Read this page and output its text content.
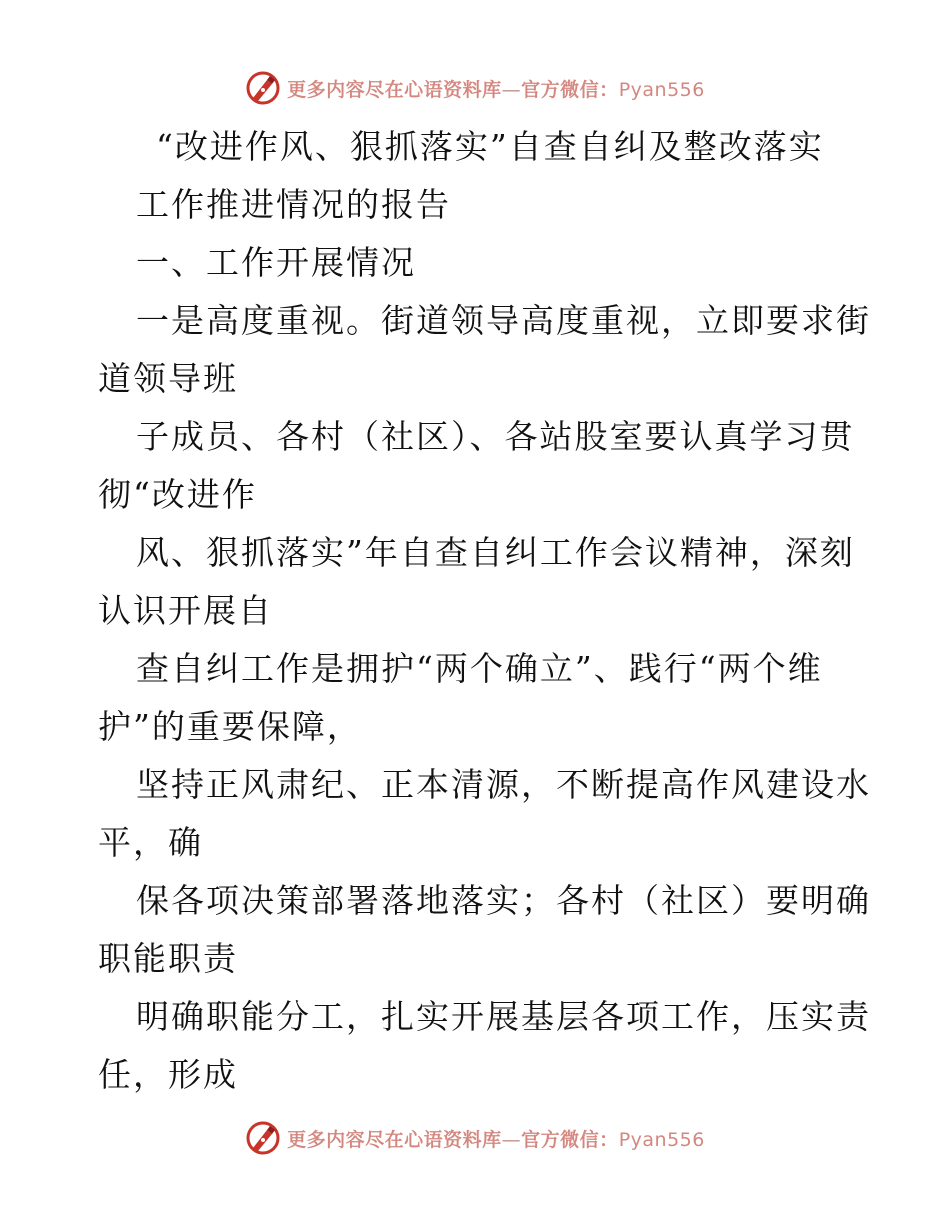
更多内容尽在心语资料库—官方微信：Pyan556
“改进作风、狠抓落实”自查自纠及整改落实
工作推进情况的报告
一、工作开展情况
一是高度重视。街道领导高度重视，立即要求街
道领导班
子成员、各村（社区）、各站股室要认真学习贯
彻“改进作
风、狠抓落实”年自查自纠工作会议精神，深刻
认识开展自
查自纠工作是拥护“两个确立”、践行“两个维
护”的重要保障，
坚持正风肃纪、正本清源，不断提高作风建设水
平，确
保各项决策部署落地落实；各村（社区）要明确
职能职责
明确职能分工，扎实开展基层各项工作，压实责
任，形成
更多内容尽在心语资料库—官方微信：Pyan556
